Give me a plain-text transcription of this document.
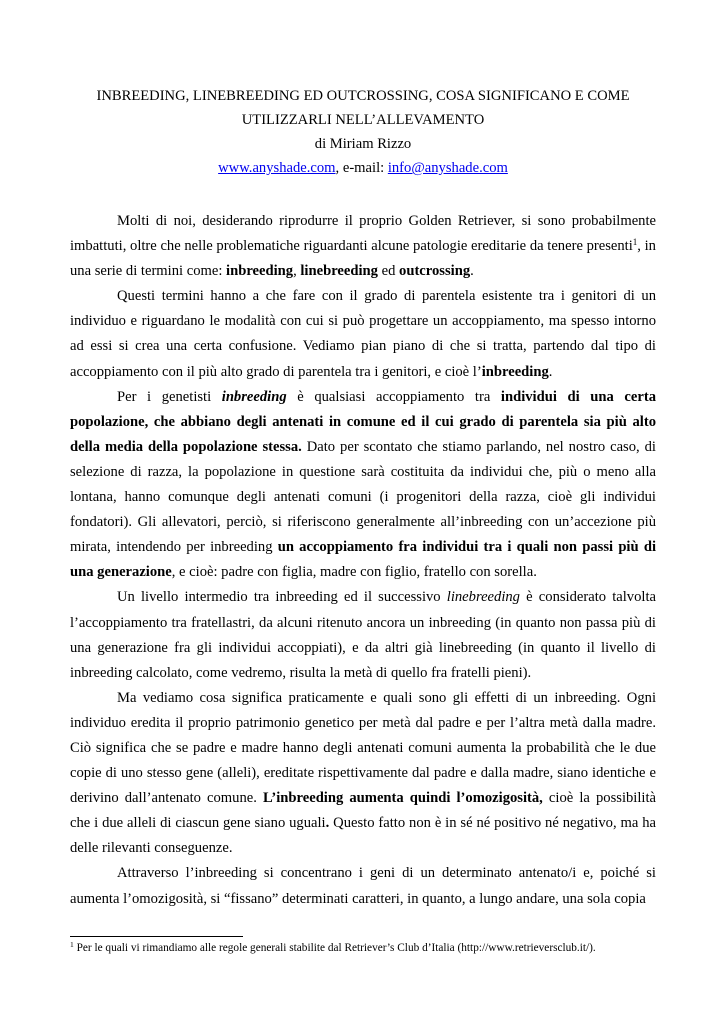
INBREEDING, LINEBREEDING ED OUTCROSSING, COSA SIGNIFICANO E COME

UTILIZZARLI NELL’ALLEVAMENTO

di Miriam Rizzo

www.anyshade.com, e-mail: info@anyshade.com

Molti di noi, desiderando riprodurre il proprio Golden Retriever, si sono probabilmente imbattuti, oltre che nelle problematiche riguardanti alcune patologie ereditarie da tenere presenti$^1$, in una serie di termini come: inbreeding, linebreeding ed outcrossing.

Questi termini hanno a che fare con il grado di parentela esistente tra i genitori di un individuo e riguardano le modalità con cui si può progettare un accoppiamento, ma spesso intorno ad essi si crea una certa confusione. Vediamo pian piano di che si tratta, partendo dal tipo di accoppiamento con il più alto grado di parentela tra i genitori, e cioè l’inbreeding.

Per i genetisti inbreeding è qualsiasi accoppiamento tra individui di una certa popolazione, che abbiano degli antenati in comune ed il cui grado di parentela sia più alto della media della popolazione stessa. Dato per scontato che stiamo parlando, nel nostro caso, di selezione di razza, la popolazione in questione sarà costituita da individui che, più o meno alla lontana, hanno comunque degli antenati comuni (i progenitori della razza, cioè gli individui fondatori). Gli allevatori, perciò, si riferiscono generalmente all’inbreeding con un’accezione più mirata, intendendo per inbreeding un accoppiamento fra individui tra i quali non passi più di una generazione, e cioè: padre con figlia, madre con figlio, fratello con sorella.

Un livello intermedio tra inbreeding ed il successivo linebreeding è considerato talvolta l’accoppiamento tra fratellastri, da alcuni ritenuto ancora un inbreeding (in quanto non passa più di una generazione fra gli individui accoppiati), e da altri già linebreeding (in quanto il livello di inbreeding calcolato, come vedremo, risulta la metà di quello fra fratelli pieni).

Ma vediamo cosa significa praticamente e quali sono gli effetti di un inbreeding. Ogni individuo eredita il proprio patrimonio genetico per metà dal padre e per l’altra metà dalla madre. Ciò significa che se padre e madre hanno degli antenati comuni aumenta la probabilità che le due copie di uno stesso gene (alleli), ereditate rispettivamente dal padre e dalla madre, siano identiche e derivino dall’antenato comune. L’inbreeding aumenta quindi l’omozigosità, cioè la possibilità che i due alleli di ciascun gene siano uguali. Questo fatto non è in sé né positivo né negativo, ma ha delle rilevanti conseguenze.

Attraverso l’inbreeding si concentrano i geni di un determinato antenato/i e, poiché si aumenta l’omozigosità, si “fissano” determinati caratteri, in quanto, a lungo andare, una sola copia

$^1$ Per le quali vi rimandiamo alle regole generali stabilite dal Retriever’s Club d’Italia (http://www.retrieversclub.it/).
